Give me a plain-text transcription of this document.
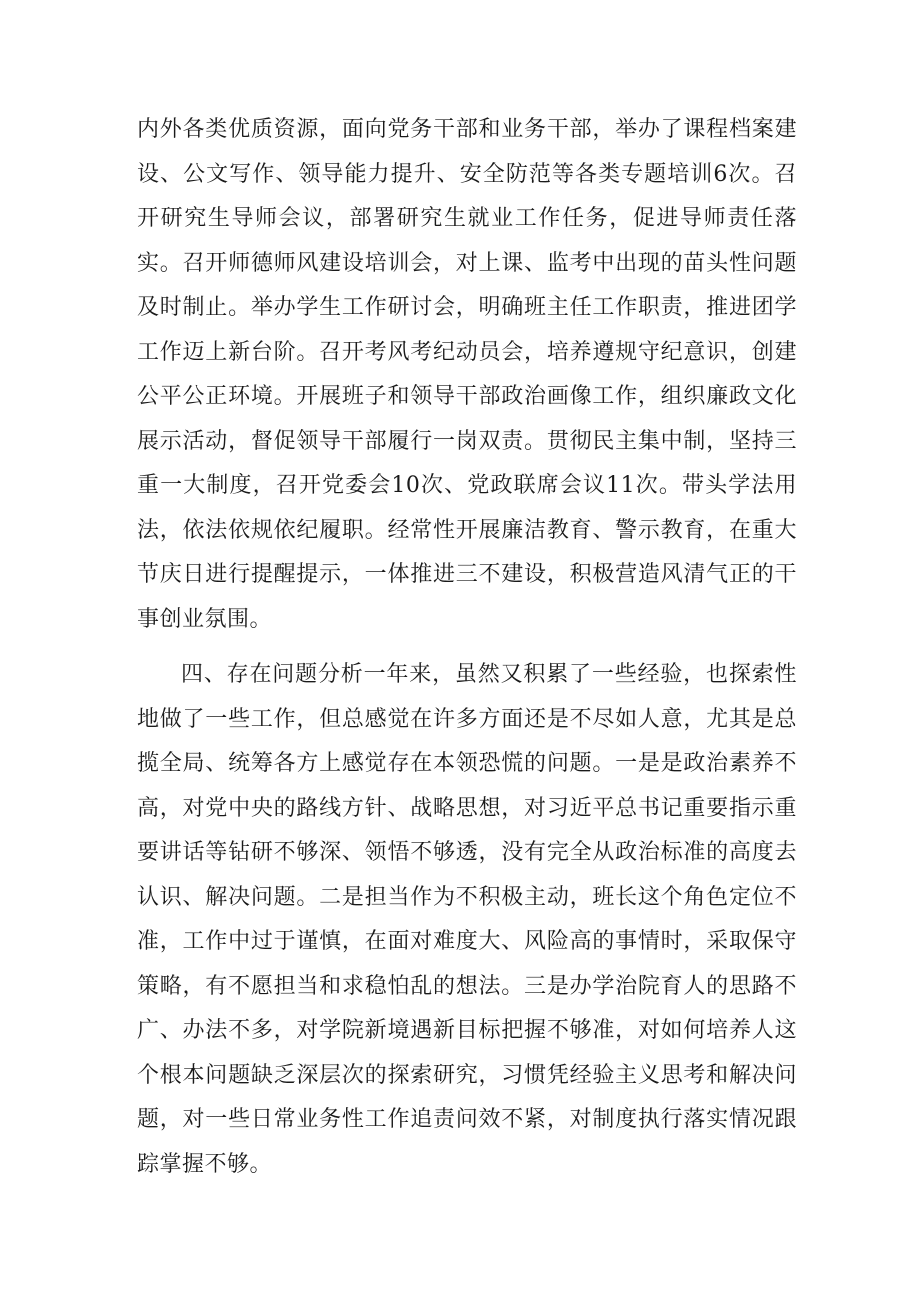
内外各类优质资源，面向党务干部和业务干部，举办了课程档案建设、公文写作、领导能力提升、安全防范等各类专题培训6次。召开研究生导师会议，部署研究生就业工作任务，促进导师责任落实。召开师德师风建设培训会，对上课、监考中出现的苗头性问题及时制止。举办学生工作研讨会，明确班主任工作职责，推进团学工作迈上新台阶。召开考风考纪动员会，培养遵规守纪意识，创建公平公正环境。开展班子和领导干部政治画像工作，组织廉政文化展示活动，督促领导干部履行一岗双责。贯彻民主集中制，坚持三重一大制度，召开党委会10次、党政联席会议11次。带头学法用法，依法依规依纪履职。经常性开展廉洁教育、警示教育，在重大节庆日进行提醒提示，一体推进三不建设，积极营造风清气正的干事创业氛围。

四、存在问题分析一年来，虽然又积累了一些经验，也探索性地做了一些工作，但总感觉在许多方面还是不尽如人意，尤其是总揽全局、统筹各方上感觉存在本领恐慌的问题。一是是政治素养不高，对党中央的路线方针、战略思想，对习近平总书记重要指示重要讲话等钻研不够深、领悟不够透，没有完全从政治标准的高度去认识、解决问题。二是担当作为不积极主动，班长这个角色定位不准，工作中过于谨慎，在面对难度大、风险高的事情时，采取保守策略，有不愿担当和求稳怕乱的想法。三是办学治院育人的思路不广、办法不多，对学院新境遇新目标把握不够准，对如何培养人这个根本问题缺乏深层次的探索研究，习惯凭经验主义思考和解决问题，对一些日常业务性工作追责问效不紧，对制度执行落实情况跟踪掌握不够。
